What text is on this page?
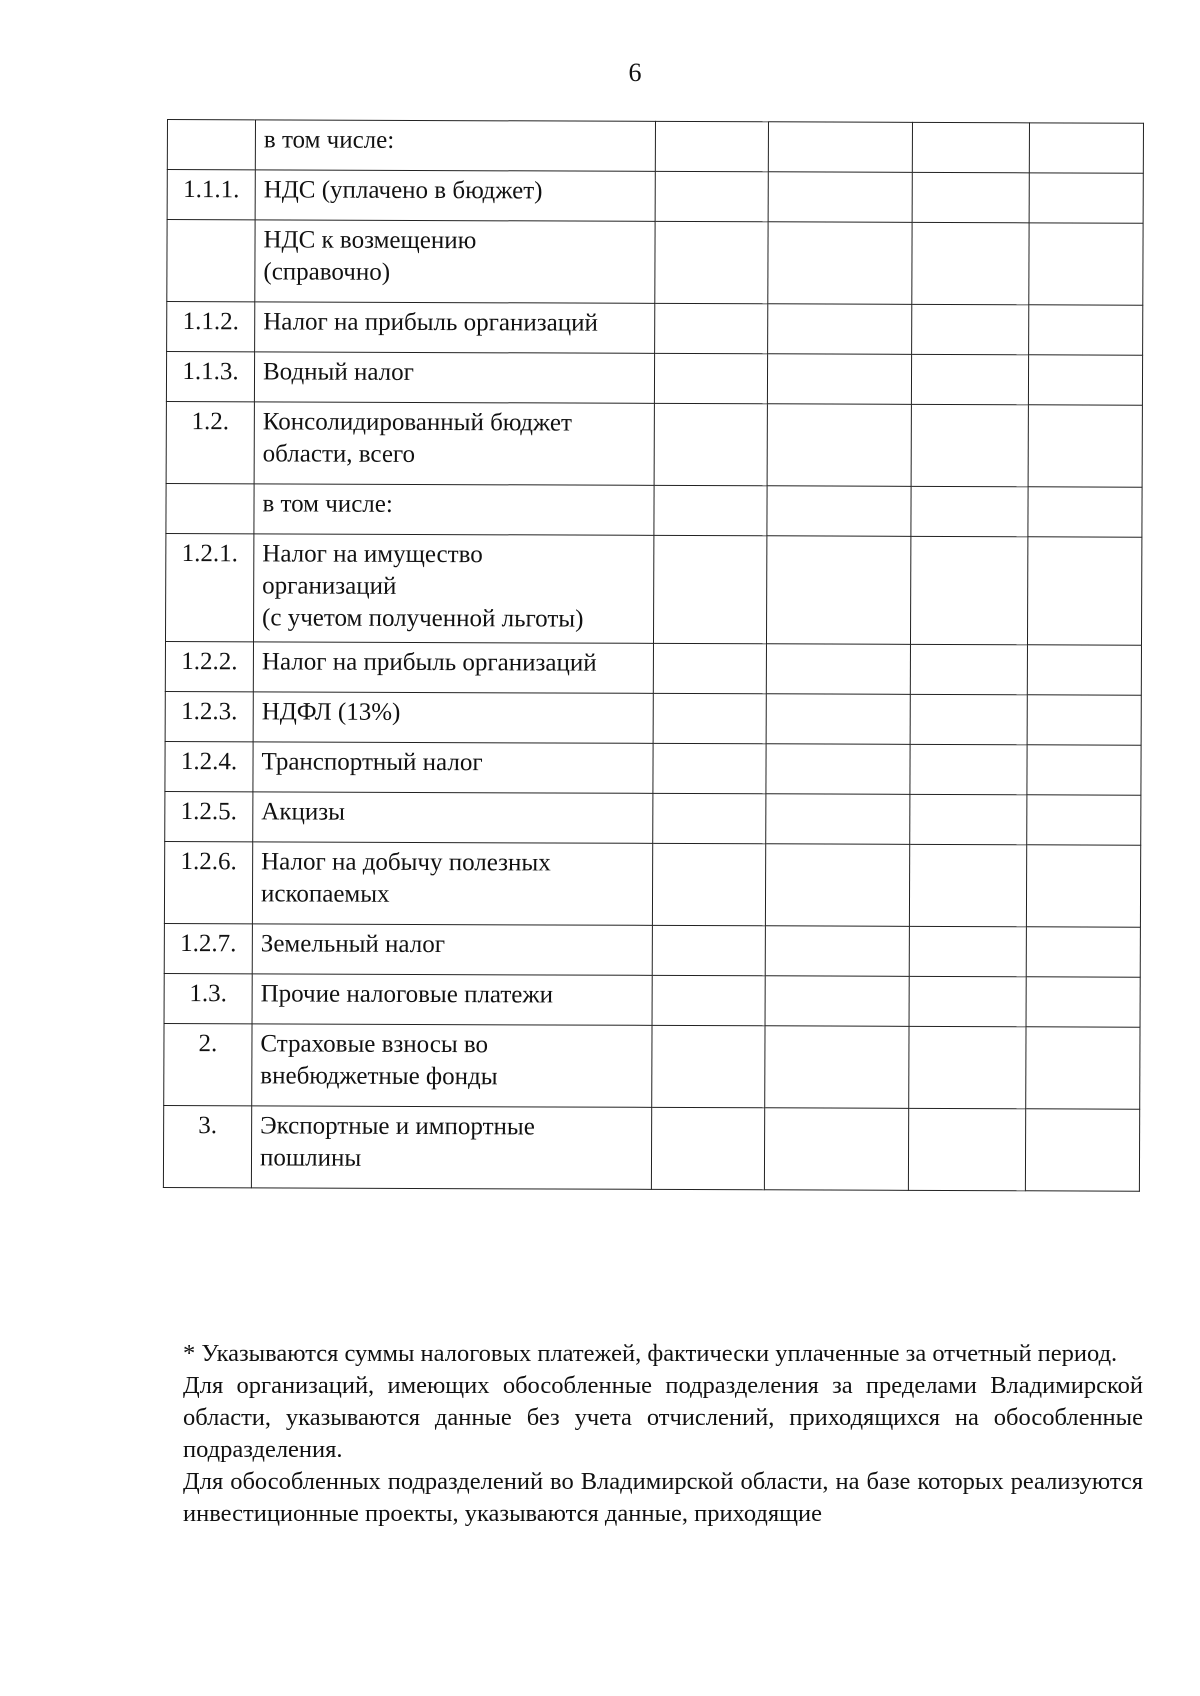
6

	в том числе:				

1.1.1.	НДС (уплачено в бюджет)				

	НДС к возмещению
(справочно)				

1.1.2.	Налог на прибыль организаций				

1.1.3.	Водный налог				

1.2.	Консолидированный бюджет
области, всего				

	в том числе:				

1.2.1.	Налог на имущество
организаций
(с учетом полученной льготы)				

1.2.2.	Налог на прибыль организаций				

1.2.3.	НДФЛ (13%)				

1.2.4.	Транспортный налог				

1.2.5.	Акцизы				

1.2.6.	Налог на добычу полезных
ископаемых				

1.2.7.	Земельный налог				

1.3.	Прочие налоговые платежи				

2.	Страховые взносы во
внебюджетные фонды				

3.	Экспортные и импортные
пошлины				

* Указываются суммы налоговых платежей, фактически уплаченные за отчетный период.

Для организаций, имеющих обособленные подразделения за пределами Владимирской области, указываются данные без учета отчислений, приходящихся на обособленные подразделения.

Для обособленных подразделений во Владимирской области, на базе которых реализуются инвестиционные проекты, указываются данные, приходящие
